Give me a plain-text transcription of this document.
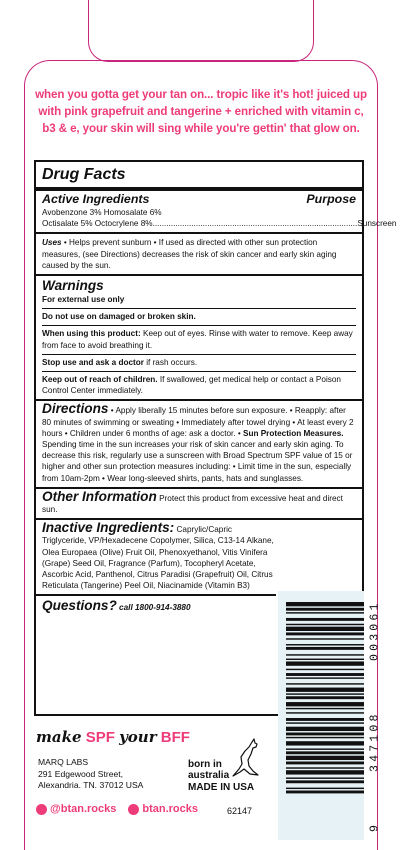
when you gotta get your tan on... tropic like it's hot! juiced up with pink grapefruit and tangerine + enriched with vitamin c, b3 & e, your skin will sing while you're gettin' that glow on.
Drug Facts
Active Ingredients	Purpose
Avobenzone 3% Homosalate 6%
Octisalate 5% Octocrylene 8% .......................................................................................... Sunscreen
Uses • Helps prevent sunburn • If used as directed with other sun protection measures, (see Directions) decreases the risk of skin cancer and early skin aging caused by the sun.
Warnings
For external use only
Do not use on damaged or broken skin.
When using this product: Keep out of eyes. Rinse with water to remove. Keep away from face to avoid breathing it.
Stop use and ask a doctor if rash occurs.
Keep out of reach of children. If swallowed, get medical help or contact a Poison Control Center immediately.
Directions • Apply liberally 15 minutes before sun exposure. • Reapply: after 80 minutes of swimming or sweating • Immediately after towel drying • At least every 2 hours • Children under 6 months of age: ask a doctor. • Sun Protection Measures. Spending time in the sun increases your risk of skin cancer and early skin aging. To decrease this risk, regularly use a sunscreen with Broad Spectrum SPF value of 15 or higher and other sun protection measures including: • Limit time in the sun, especially from 10am-2pm • Wear long-sleeved shirts, pants, hats and sunglasses.
Other Information Protect this product from excessive heat and direct sun.
Inactive Ingredients: Caprylic/Capric Triglyceride, VP/Hexadecene Copolymer, Silica, C13-14 Alkane, Olea Europaea (Olive) Fruit Oil, Phenoxyethanol, Vitis Vinifera (Grape) Seed Oil, Fragrance (Parfum), Tocopheryl Acetate, Ascorbic Acid, Panthenol, Citrus Paradisi (Grapefruit) Oil, Citrus Reticulata (Tangerine) Peel Oil, Niacinamide (Vitamin B3)
Questions? call 1800-914-3880
9
347108
003061
make SPF your BFF
MARQ LABS
291 Edgewood Street,
Alexandria. TN. 37012 USA
born in
australia
MADE IN USA
@btan.rocks btan.rocks	62147
